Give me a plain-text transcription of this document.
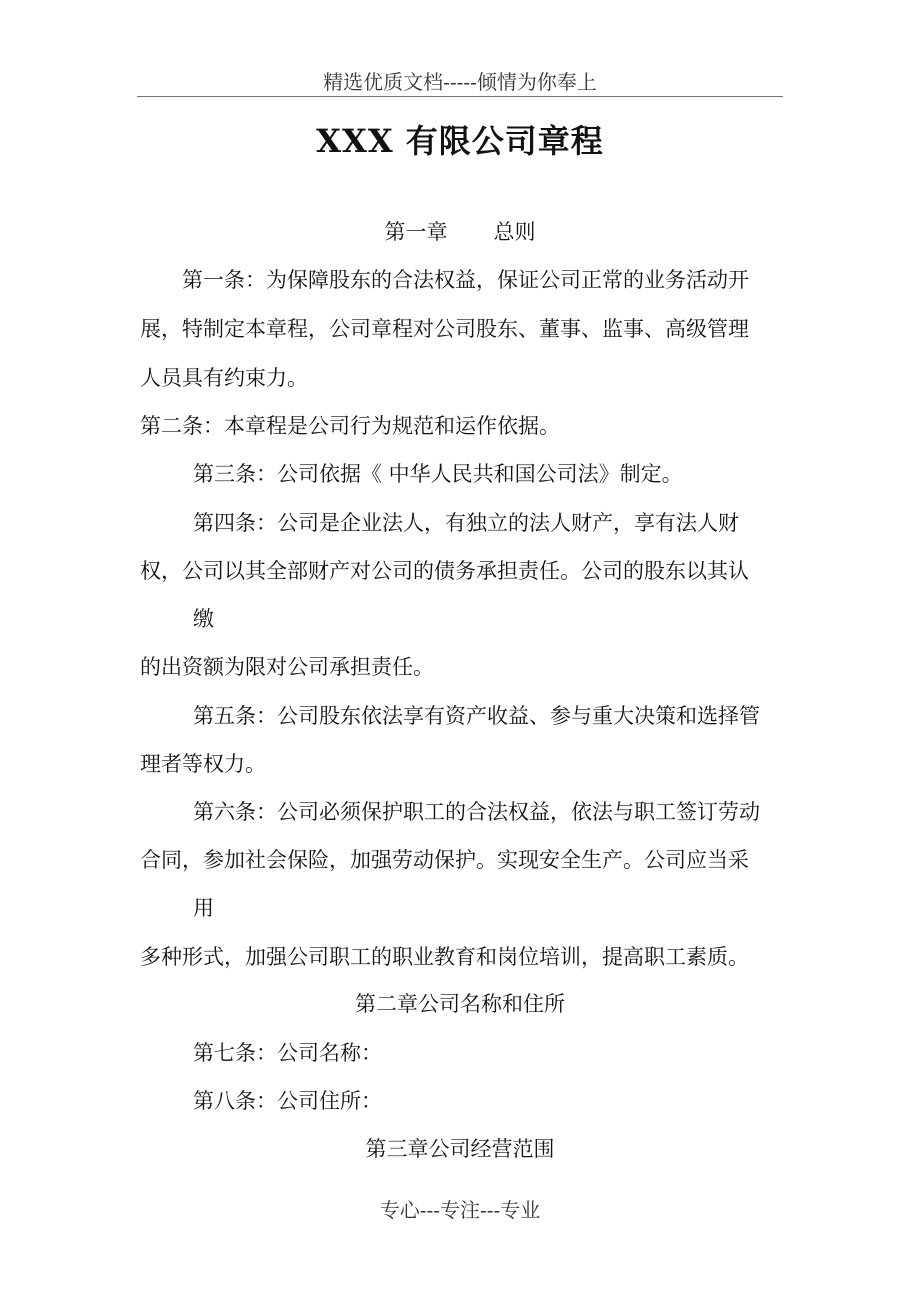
精选优质文档-----倾情为你奉上
XXX 有限公司章程
第一章 总则
第一条：为保障股东的合法权益，保证公司正常的业务活动开
展，特制定本章程，公司章程对公司股东、董事、监事、高级管理
人员具有约束力。
第二条：本章程是公司行为规范和运作依据。
第三条：公司依据《 中华人民共和国公司法》制定。
第四条：公司是企业法人，有独立的法人财产，享有法人财
权，公司以其全部财产对公司的债务承担责任。公司的股东以其认
缴
的出资额为限对公司承担责任。
第五条：公司股东依法享有资产收益、参与重大决策和选择管
理者等权力。
第六条：公司必须保护职工的合法权益，依法与职工签订劳动
合同，参加社会保险，加强劳动保护。实现安全生产。公司应当采
用
多种形式，加强公司职工的职业教育和岗位培训，提高职工素质。
第二章公司名称和住所
第七条：公司名称：
第八条：公司住所：
第三章公司经营范围
专心---专注---专业
